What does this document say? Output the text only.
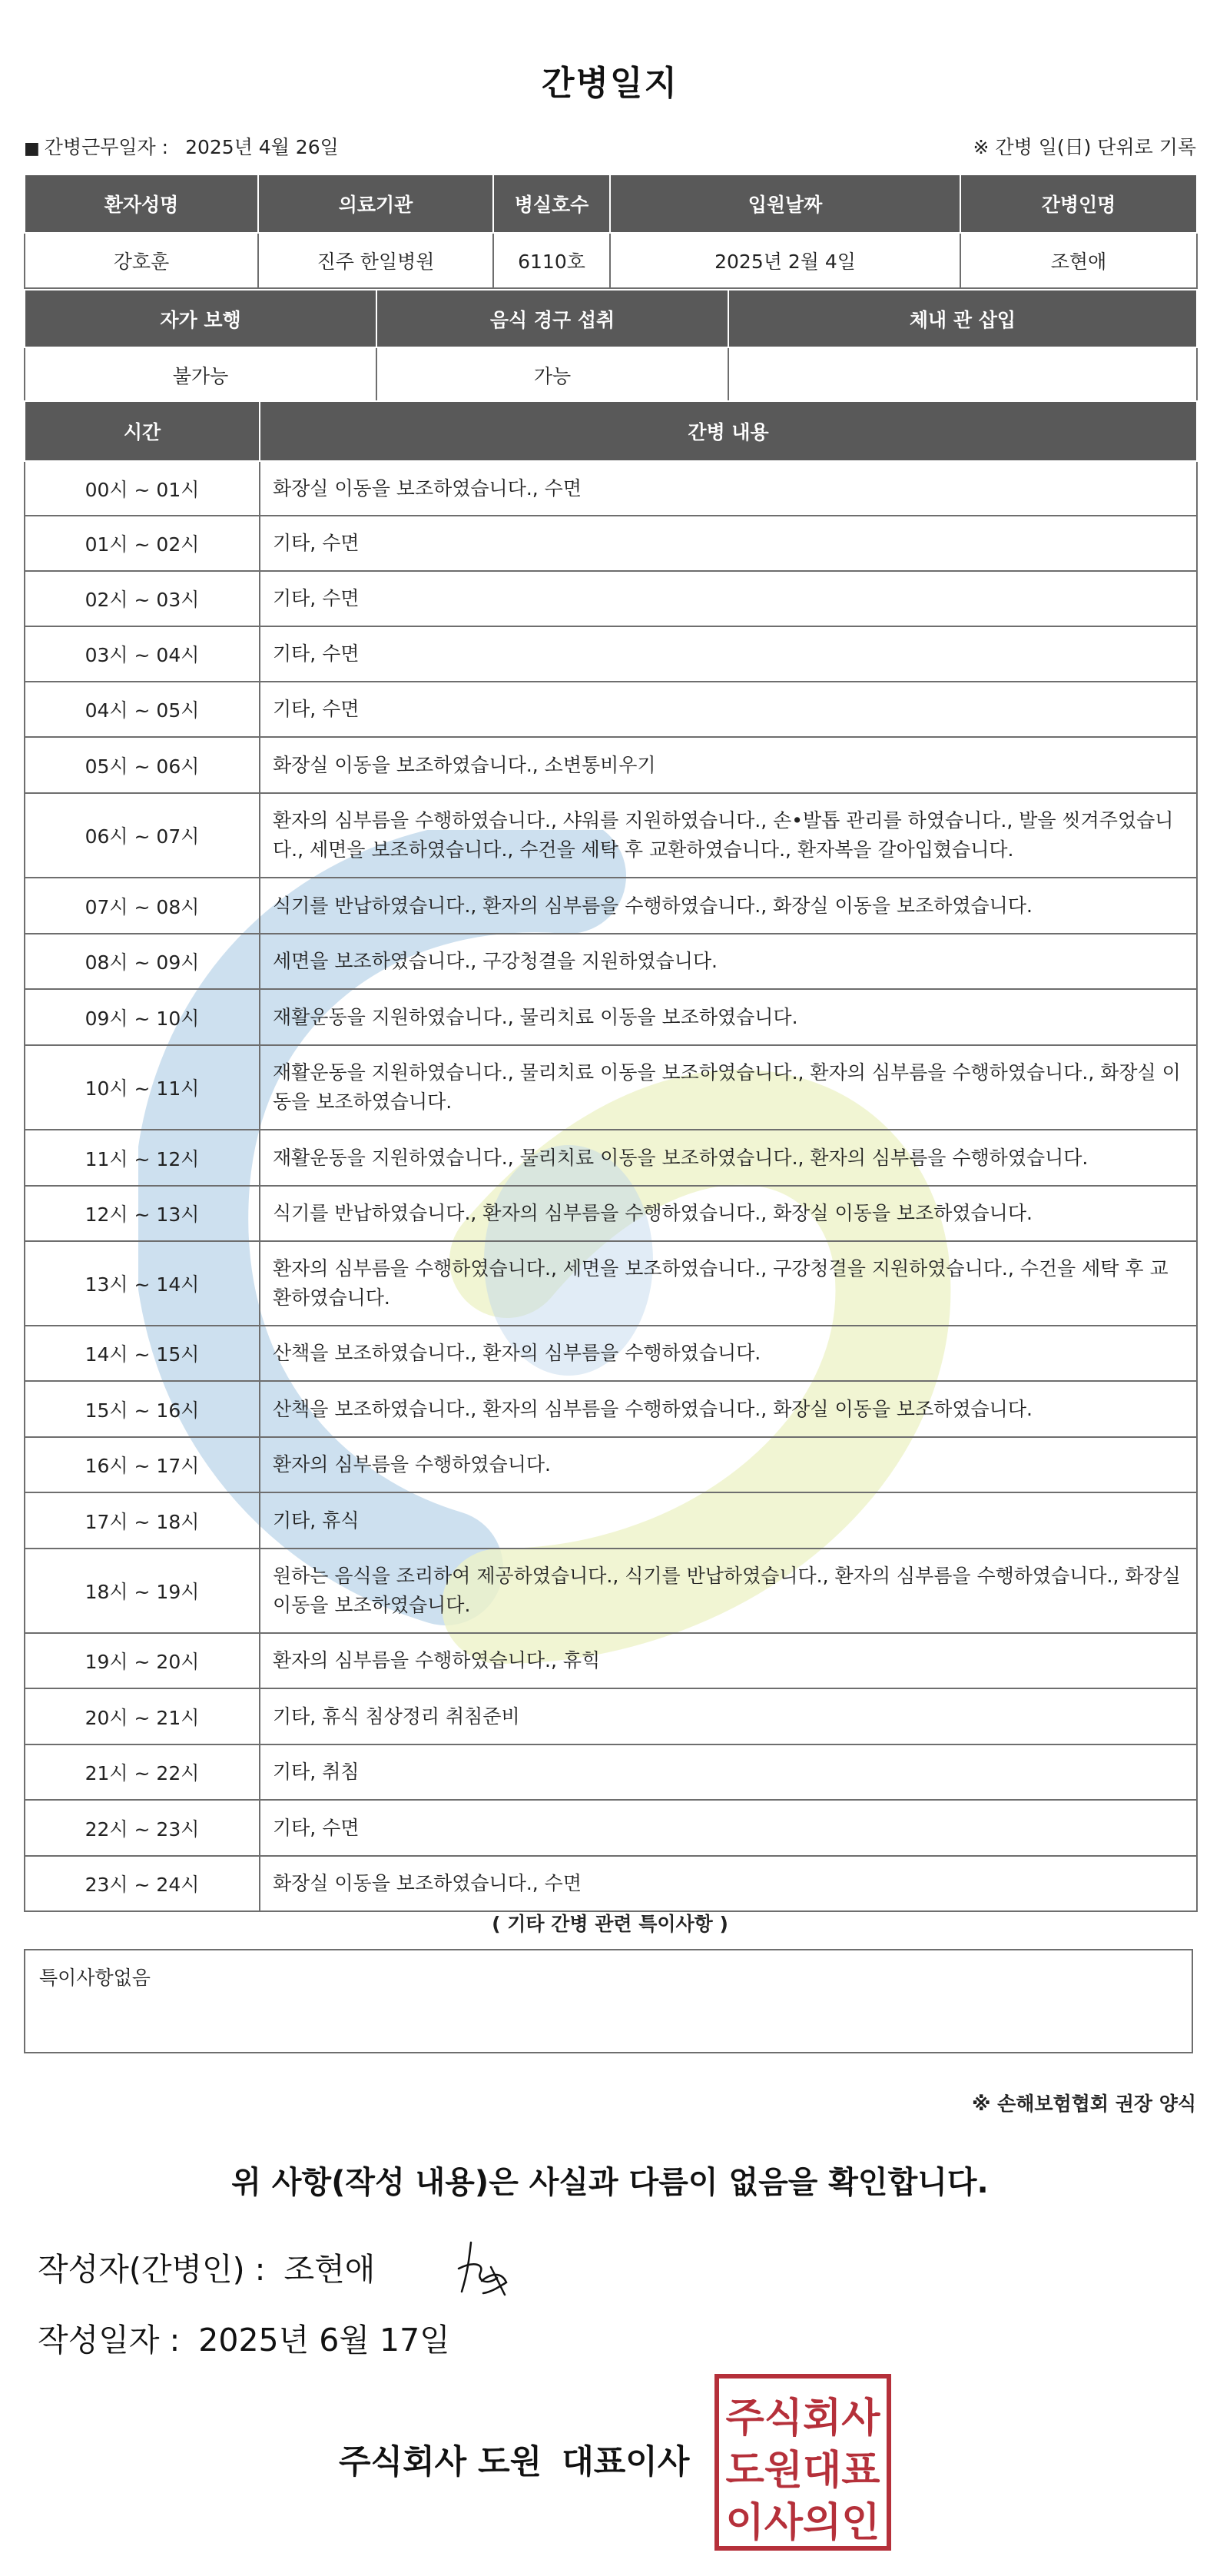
간병일지
■ 간병근무일자 : 2025년 4월 26일	※ 간병 일(日) 단위로 기록
환자성명	의료기관	병실호수	입원날짜	간병인명
강호훈	진주 한일병원	6110호	2025년 2월 4일	조현애
자가 보행	음식 경구 섭취	체내 관 삽입
불가능	가능	
시간	간병 내용
00시 ~ 01시	화장실 이동을 보조하였습니다., 수면
01시 ~ 02시	기타, 수면
02시 ~ 03시	기타, 수면
03시 ~ 04시	기타, 수면
04시 ~ 05시	기타, 수면
05시 ~ 06시	화장실 이동을 보조하였습니다., 소변통비우기
06시 ~ 07시	환자의 심부름을 수행하였습니다., 샤워를 지원하였습니다., 손•발톱 관리를 하였습니다., 발을 씻겨주었습니다., 세면을 보조하였습니다., 수건을 세탁 후 교환하였습니다., 환자복을 갈아입혔습니다.
07시 ~ 08시	식기를 반납하였습니다., 환자의 심부름을 수행하였습니다., 화장실 이동을 보조하였습니다.
08시 ~ 09시	세면을 보조하였습니다., 구강청결을 지원하였습니다.
09시 ~ 10시	재활운동을 지원하였습니다., 물리치료 이동을 보조하였습니다.
10시 ~ 11시	재활운동을 지원하였습니다., 물리치료 이동을 보조하였습니다., 환자의 심부름을 수행하였습니다., 화장실 이동을 보조하였습니다.
11시 ~ 12시	재활운동을 지원하였습니다., 물리치료 이동을 보조하였습니다., 환자의 심부름을 수행하였습니다.
12시 ~ 13시	식기를 반납하였습니다., 환자의 심부름을 수행하였습니다., 화장실 이동을 보조하였습니다.
13시 ~ 14시	환자의 심부름을 수행하였습니다., 세면을 보조하였습니다., 구강청결을 지원하였습니다., 수건을 세탁 후 교환하였습니다.
14시 ~ 15시	산책을 보조하였습니다., 환자의 심부름을 수행하였습니다.
15시 ~ 16시	산책을 보조하였습니다., 환자의 심부름을 수행하였습니다., 화장실 이동을 보조하였습니다.
16시 ~ 17시	환자의 심부름을 수행하였습니다.
17시 ~ 18시	기타, 휴식
18시 ~ 19시	원하는 음식을 조리하여 제공하였습니다., 식기를 반납하였습니다., 환자의 심부름을 수행하였습니다., 화장실 이동을 보조하였습니다.
19시 ~ 20시	환자의 심부름을 수행하였습니다., 휴힉
20시 ~ 21시	기타, 휴식 침상정리 취침준비
21시 ~ 22시	기타, 취침
22시 ~ 23시	기타, 수면
23시 ~ 24시	화장실 이동을 보조하였습니다., 수면
( 기타 간병 관련 특이사항 )
특이사항없음
※ 손해보험협회 권장 양식
위 사항(작성 내용)은 사실과 다름이 없음을 확인합니다.
작성자(간병인) : 조현애
작성일자 : 2025년 6월 17일
주식회사 도원 대표이사
주식회사
도원대표
이사의인
